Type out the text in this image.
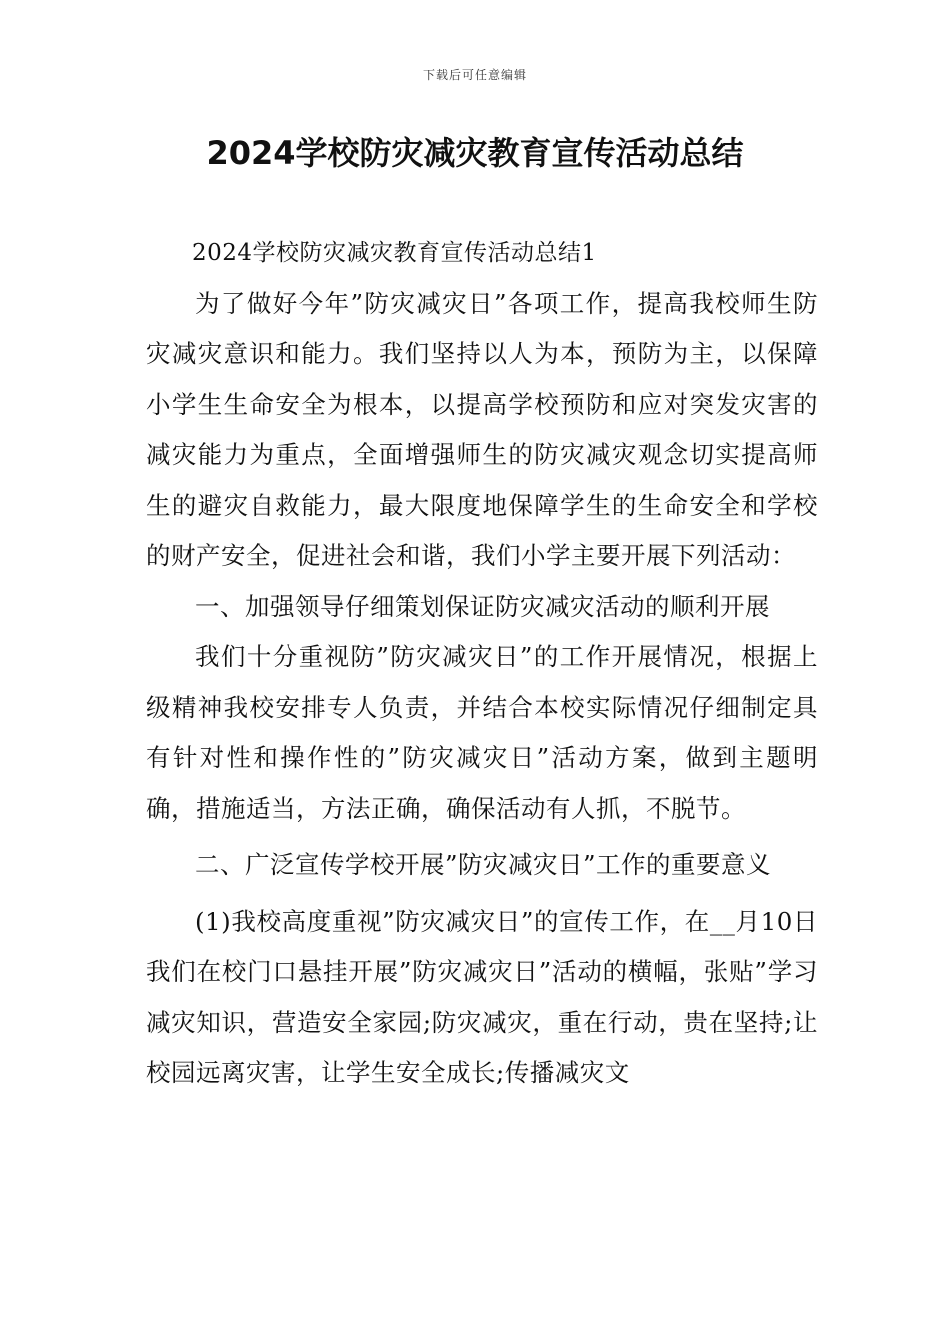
下载后可任意编辑
2024学校防灾减灾教育宣传活动总结

2024学校防灾减灾教育宣传活动总结1

为了做好今年”防灾减灾日”各项工作，提高我校师生防灾减灾意识和能力。我们坚持以人为本，预防为主，以保障小学生生命安全为根本，以提高学校预防和应对突发灾害的减灾能力为重点，全面增强师生的防灾减灾观念切实提高师生的避灾自救能力，最大限度地保障学生的生命安全和学校的财产安全，促进社会和谐，我们小学主要开展下列活动：

一、加强领导仔细策划保证防灾减灾活动的顺利开展

我们十分重视防”防灾减灾日”的工作开展情况，根据上级精神我校安排专人负责，并结合本校实际情况仔细制定具有针对性和操作性的”防灾减灾日”活动方案，做到主题明确，措施适当，方法正确，确保活动有人抓，不脱节。

二、广泛宣传学校开展”防灾减灾日”工作的重要意义

(1)我校高度重视”防灾减灾日”的宣传工作，在__月10日我们在校门口悬挂开展”防灾减灾日”活动的横幅，张贴”学习减灾知识，营造安全家园;防灾减灾，重在行动，贵在坚持;让校园远离灾害，让学生安全成长;传播减灾文
